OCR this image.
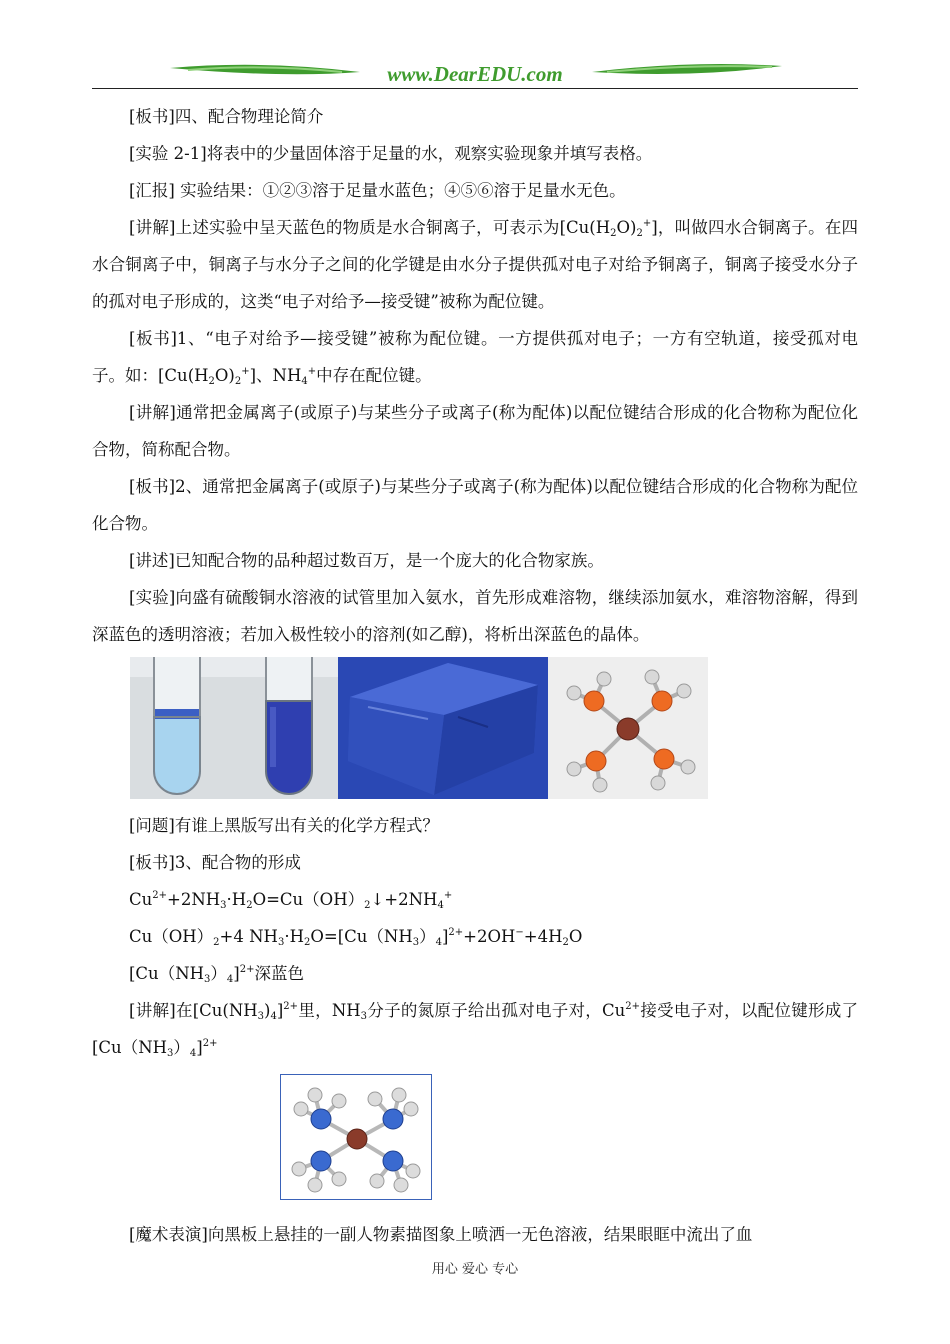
www.DearEDU.com

[板书]四、配合物理论简介

[实验 2-1]将表中的少量固体溶于足量的水，观察实验现象并填写表格。

[汇报] 实验结果：①②③溶于足量水蓝色；④⑤⑥溶于足量水无色。

[讲解]上述实验中呈天蓝色的物质是水合铜离子，可表示为$[Cu(H_2O)_2^+]$，叫做四水合铜离子。在四水合铜离子中，铜离子与水分子之间的化学键是由水分子提供孤对电子对给予铜离子，铜离子接受水分子的孤对电子形成的，这类“电子对给予—接受键”被称为配位键。

[板书]1、“电子对给予—接受键”被称为配位键。一方提供孤对电子；一方有空轨道，接受孤对电子。如：$[Cu(H_2O)_2^+]$、$NH_4^+$中存在配位键。

[讲解]通常把金属离子(或原子)与某些分子或离子(称为配体)以配位键结合形成的化合物称为配位化合物，简称配合物。

[板书]2、通常把金属离子(或原子)与某些分子或离子(称为配体)以配位键结合形成的化合物称为配位化合物。

[讲述]已知配合物的品种超过数百万，是一个庞大的化合物家族。

[实验]向盛有硫酸铜水溶液的试管里加入氨水，首先形成难溶物，继续添加氨水，难溶物溶解，得到深蓝色的透明溶液；若加入极性较小的溶剂(如乙醇)，将析出深蓝色的晶体。

[问题]有谁上黑版写出有关的化学方程式？

[板书]3、配合物的形成

$Cu^{2+}+2NH_3\cdot H_2O=Cu(OH)_2↓+2NH_4^+$

$Cu(OH)_2+4$ $NH_3\cdot H_2O=[Cu(NH_3)_4]^{2+}+2OH^-+4H_2O$

$[Cu(NH_3)_4]^{2+}$深蓝色

[讲解]在$[Cu(NH_3)_4]^{2+}$里，$NH_3$分子的氮原子给出孤对电子对，$Cu^{2+}$接受电子对，以配位键形成了$[Cu(NH_3)_4]^{2+}$

[魔术表演]向黑板上悬挂的一副人物素描图象上喷洒一无色溶液，结果眼眶中流出了血

用心 爱心 专心
